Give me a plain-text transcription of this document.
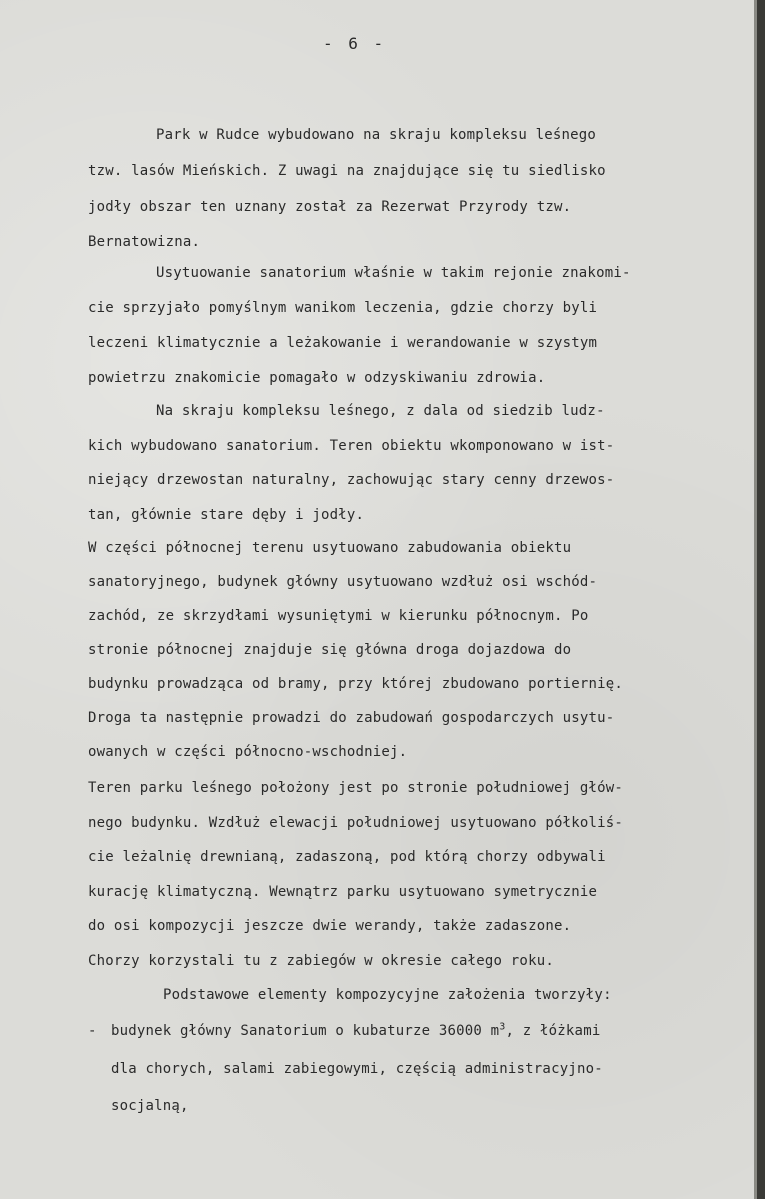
- 6 -
Park w Rudce wybudowano na skraju kompleksu leśnego
tzw. lasów Mieńskich. Z uwagi na znajdujące się tu siedlisko
jodły obszar ten uznany został za Rezerwat Przyrody tzw.
Bernatowizna.
Usytuowanie sanatorium właśnie w takim rejonie znakomi-
cie sprzyjało pomyślnym wanikom leczenia, gdzie chorzy byli
leczeni klimatycznie a leżakowanie i werandowanie w szystym
powietrzu znakomicie pomagało w odzyskiwaniu zdrowia.
Na skraju kompleksu leśnego, z dala od siedzib ludz-
kich wybudowano sanatorium. Teren obiektu wkomponowano w ist-
niejący drzewostan naturalny, zachowując stary cenny drzewos-
tan, głównie stare dęby i jodły.
W części północnej terenu usytuowano zabudowania obiektu
sanatoryjnego, budynek główny usytuowano wzdłuż osi wschód-
zachód, ze skrzydłami wysuniętymi w kierunku północnym. Po
stronie północnej znajduje się główna droga dojazdowa do
budynku prowadząca od bramy, przy której zbudowano portiernię.
Droga ta następnie prowadzi do zabudowań gospodarczych usytu-
owanych w części północno-wschodniej.
Teren parku leśnego położony jest po stronie południowej głów-
nego budynku. Wzdłuż elewacji południowej usytuowano półkoliś-
cie leżalnię drewnianą, zadaszoną, pod którą chorzy odbywali
kurację klimatyczną. Wewnątrz parku usytuowano symetrycznie
do osi kompozycji jeszcze dwie werandy, także zadaszone.
Chorzy korzystali tu z zabiegów w okresie całego roku.
Podstawowe elementy kompozycyjne założenia tworzyły:
- budynek główny Sanatorium o kubaturze 36000 $m^3$, z łóżkami
dla chorych, salami zabiegowymi, częścią administracyjno-
socjalną,
